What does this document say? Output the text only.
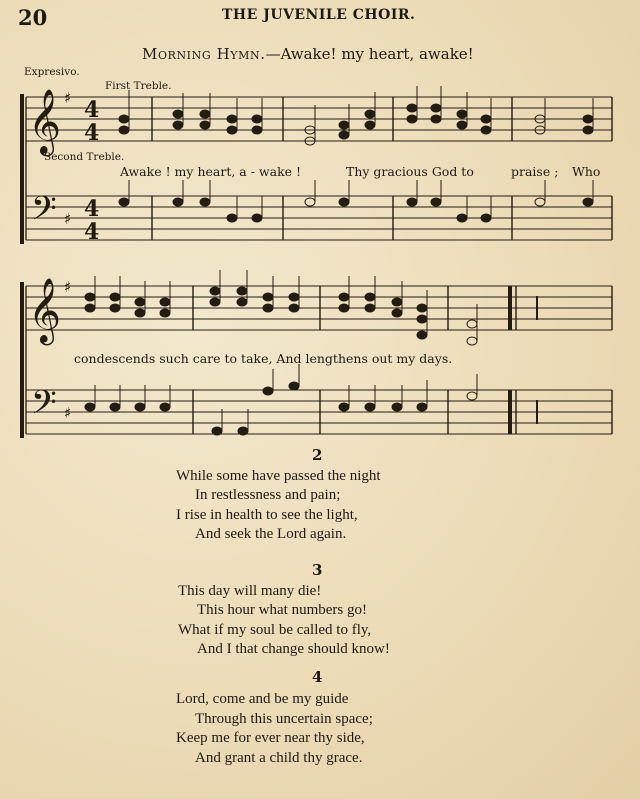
20	THE JUVENILE CHOIR.
Morning Hymn.—Awake! my heart, awake!
Expresivo.
First Treble.
Second Treble.
𝄞
𝄢
♯
♯
4
4
4
4
Awake ! my heart, a - wake !	Thy gracious God to	praise ; Who
𝄞
𝄢
♯
♯
condescends such care to take, And lengthens out my days.
2
While some have passed the night
In restlessness and pain;
I rise in health to see the light,
And seek the Lord again.
3
This day will many die!
This hour what numbers go!
What if my soul be called to fly,
And I that change should know!
4
Lord, come and be my guide
Through this uncertain space;
Keep me for ever near thy side,
And grant a child thy grace.
